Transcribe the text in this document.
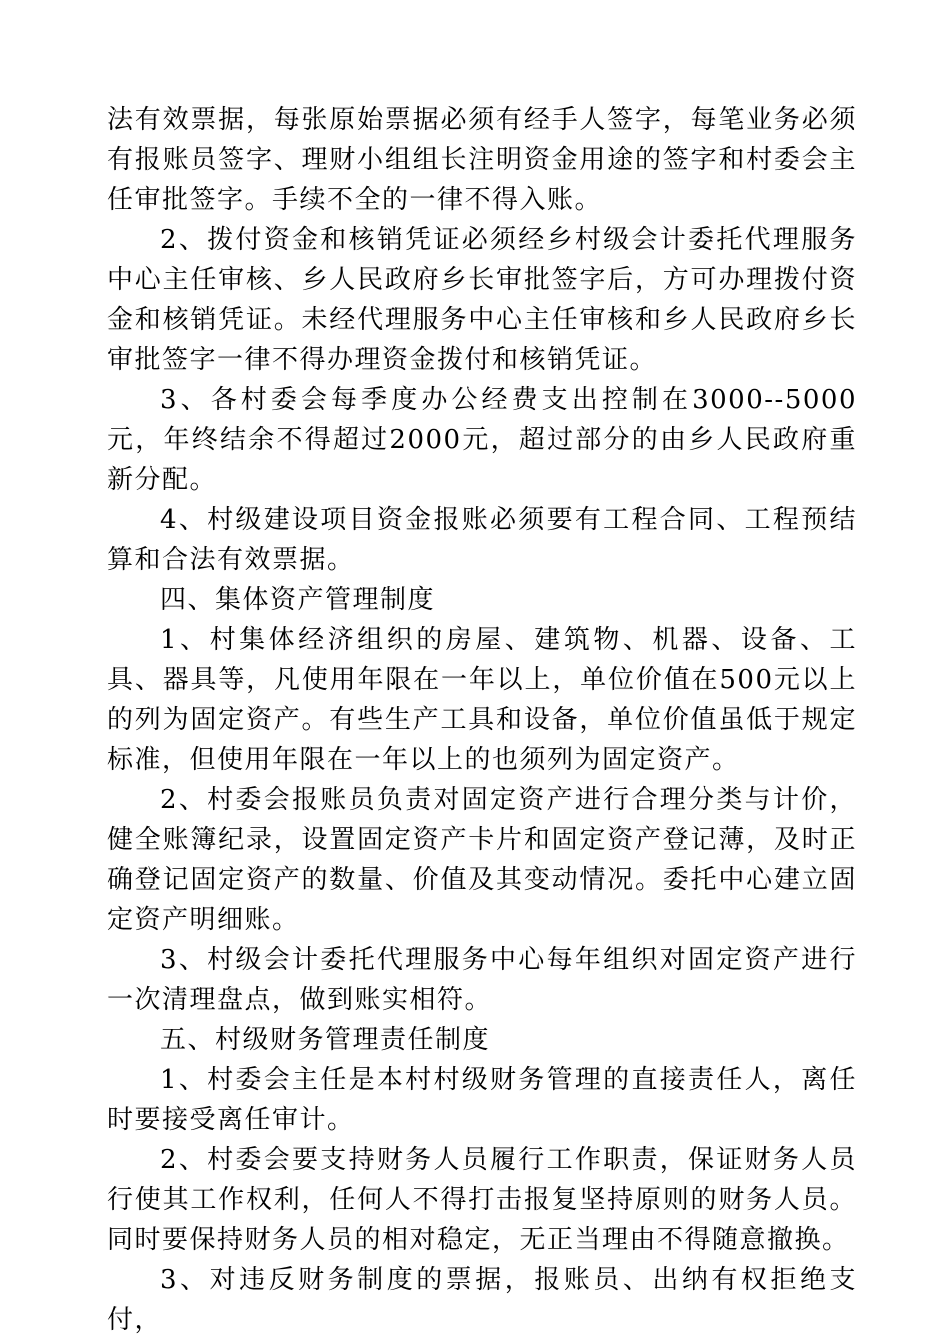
法有效票据，每张原始票据必须有经手人签字，每笔业务必须有报账员签字、理财小组组长注明资金用途的签字和村委会主任审批签字。手续不全的一律不得入账。

2、拨付资金和核销凭证必须经乡村级会计委托代理服务中心主任审核、乡人民政府乡长审批签字后，方可办理拨付资金和核销凭证。未经代理服务中心主任审核和乡人民政府乡长审批签字一律不得办理资金拨付和核销凭证。

3、各村委会每季度办公经费支出控制在3000--5000元，年终结余不得超过2000元，超过部分的由乡人民政府重新分配。

4、村级建设项目资金报账必须要有工程合同、工程预结算和合法有效票据。

四、集体资产管理制度

1、村集体经济组织的房屋、建筑物、机器、设备、工具、器具等，凡使用年限在一年以上，单位价值在500元以上的列为固定资产。有些生产工具和设备，单位价值虽低于规定标准，但使用年限在一年以上的也须列为固定资产。

2、村委会报账员负责对固定资产进行合理分类与计价，健全账簿纪录，设置固定资产卡片和固定资产登记薄，及时正确登记固定资产的数量、价值及其变动情况。委托中心建立固定资产明细账。

3、村级会计委托代理服务中心每年组织对固定资产进行一次清理盘点，做到账实相符。

五、村级财务管理责任制度

1、村委会主任是本村村级财务管理的直接责任人，离任时要接受离任审计。

2、村委会要支持财务人员履行工作职责，保证财务人员行使其工作权利，任何人不得打击报复坚持原则的财务人员。同时要保持财务人员的相对稳定，无正当理由不得随意撤换。

3、对违反财务制度的票据，报账员、出纳有权拒绝支付，
